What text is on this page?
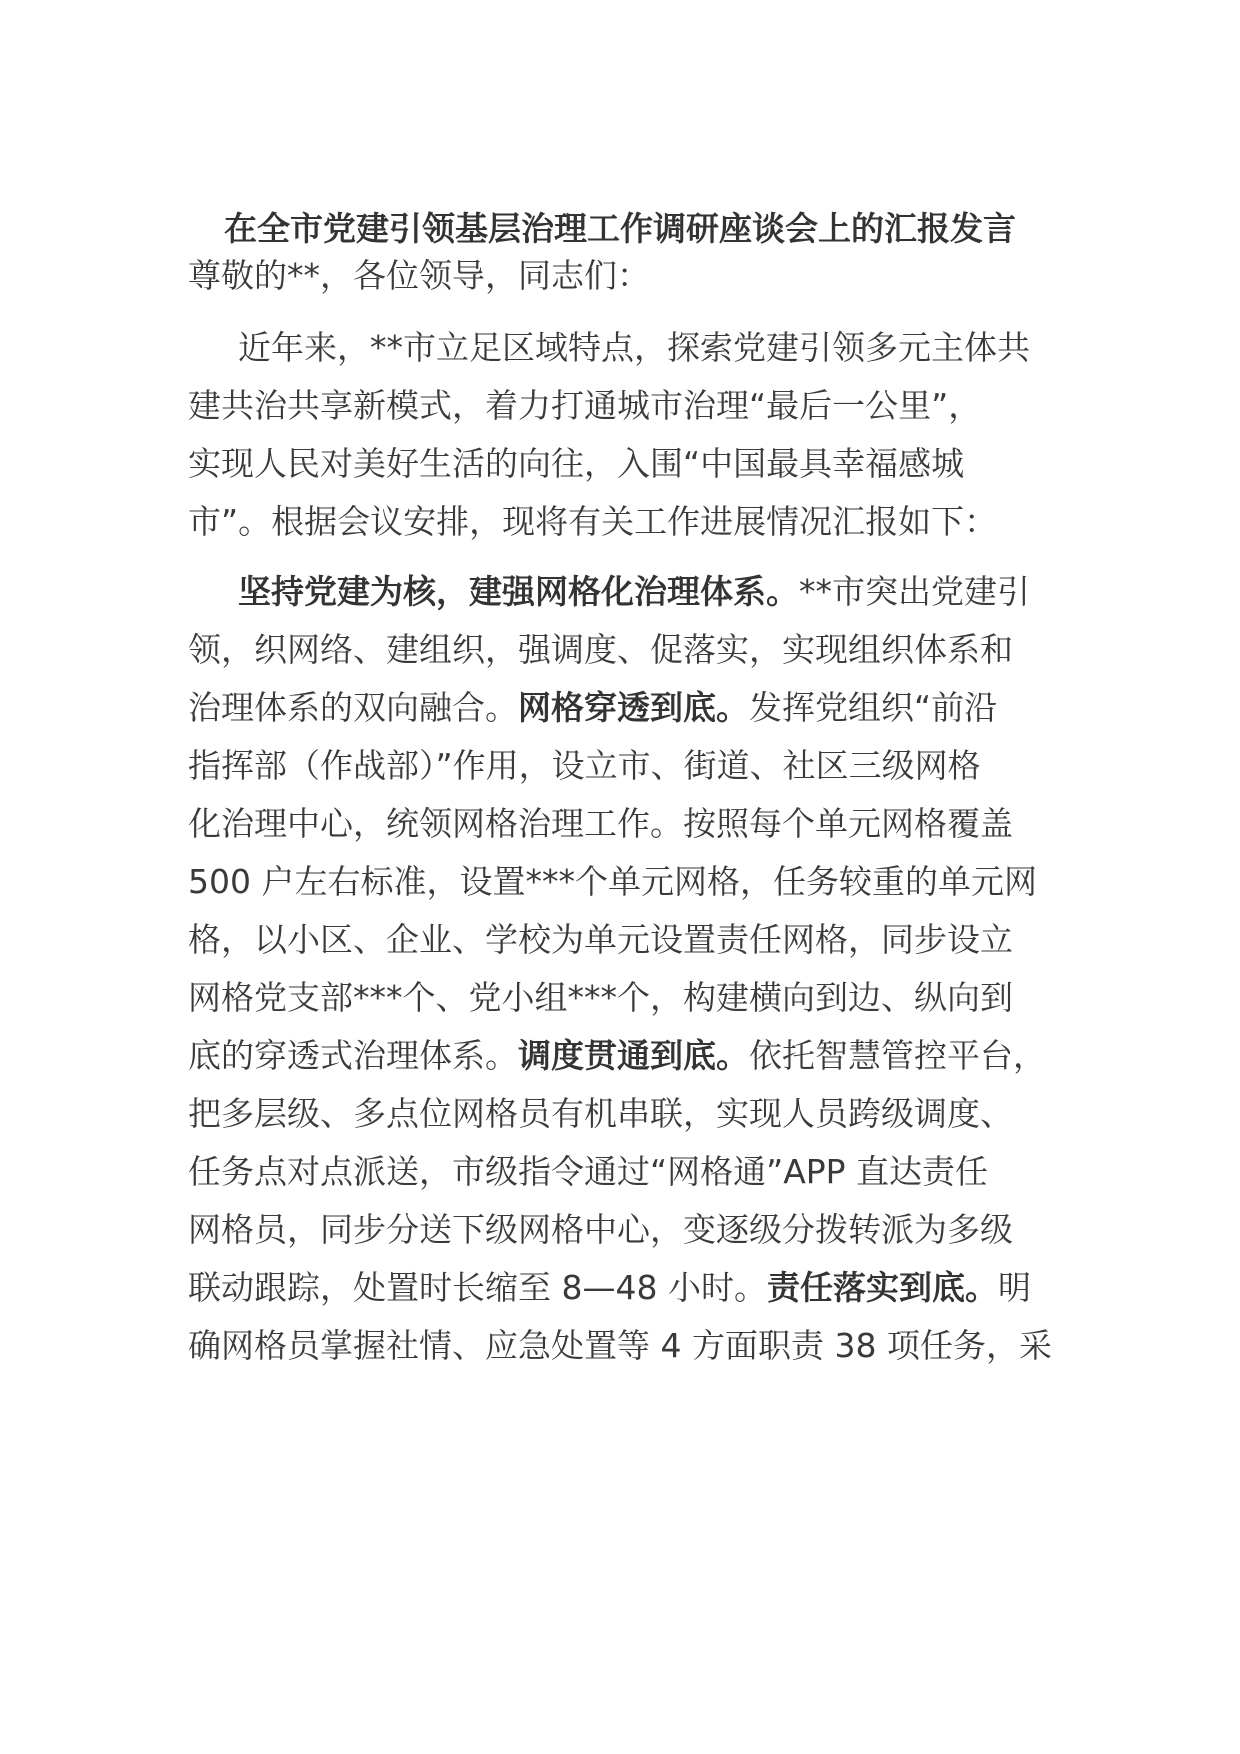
在全市党建引领基层治理工作调研座谈会上的汇报发言
尊敬的**，各位领导，同志们：
近年来，**市立足区域特点，探索党建引领多元主体共
建共治共享新模式，着力打通城市治理“最后一公里”，
实现人民对美好生活的向往，入围“中国最具幸福感城
市”。根据会议安排，现将有关工作进展情况汇报如下：
坚持党建为核，建强网格化治理体系。**市突出党建引
领，织网络、建组织，强调度、促落实，实现组织体系和
治理体系的双向融合。网格穿透到底。发挥党组织“前沿
指挥部（作战部）”作用，设立市、街道、社区三级网格
化治理中心，统领网格治理工作。按照每个单元网格覆盖
500 户左右标准，设置***个单元网格，任务较重的单元网
格，以小区、企业、学校为单元设置责任网格，同步设立
网格党支部***个、党小组***个，构建横向到边、纵向到
底的穿透式治理体系。调度贯通到底。依托智慧管控平台，
把多层级、多点位网格员有机串联，实现人员跨级调度、
任务点对点派送，市级指令通过“网格通”APP 直达责任
网格员，同步分送下级网格中心，变逐级分拨转派为多级
联动跟踪，处置时长缩至 8—48 小时。责任落实到底。明
确网格员掌握社情、应急处置等 4 方面职责 38 项任务，采
